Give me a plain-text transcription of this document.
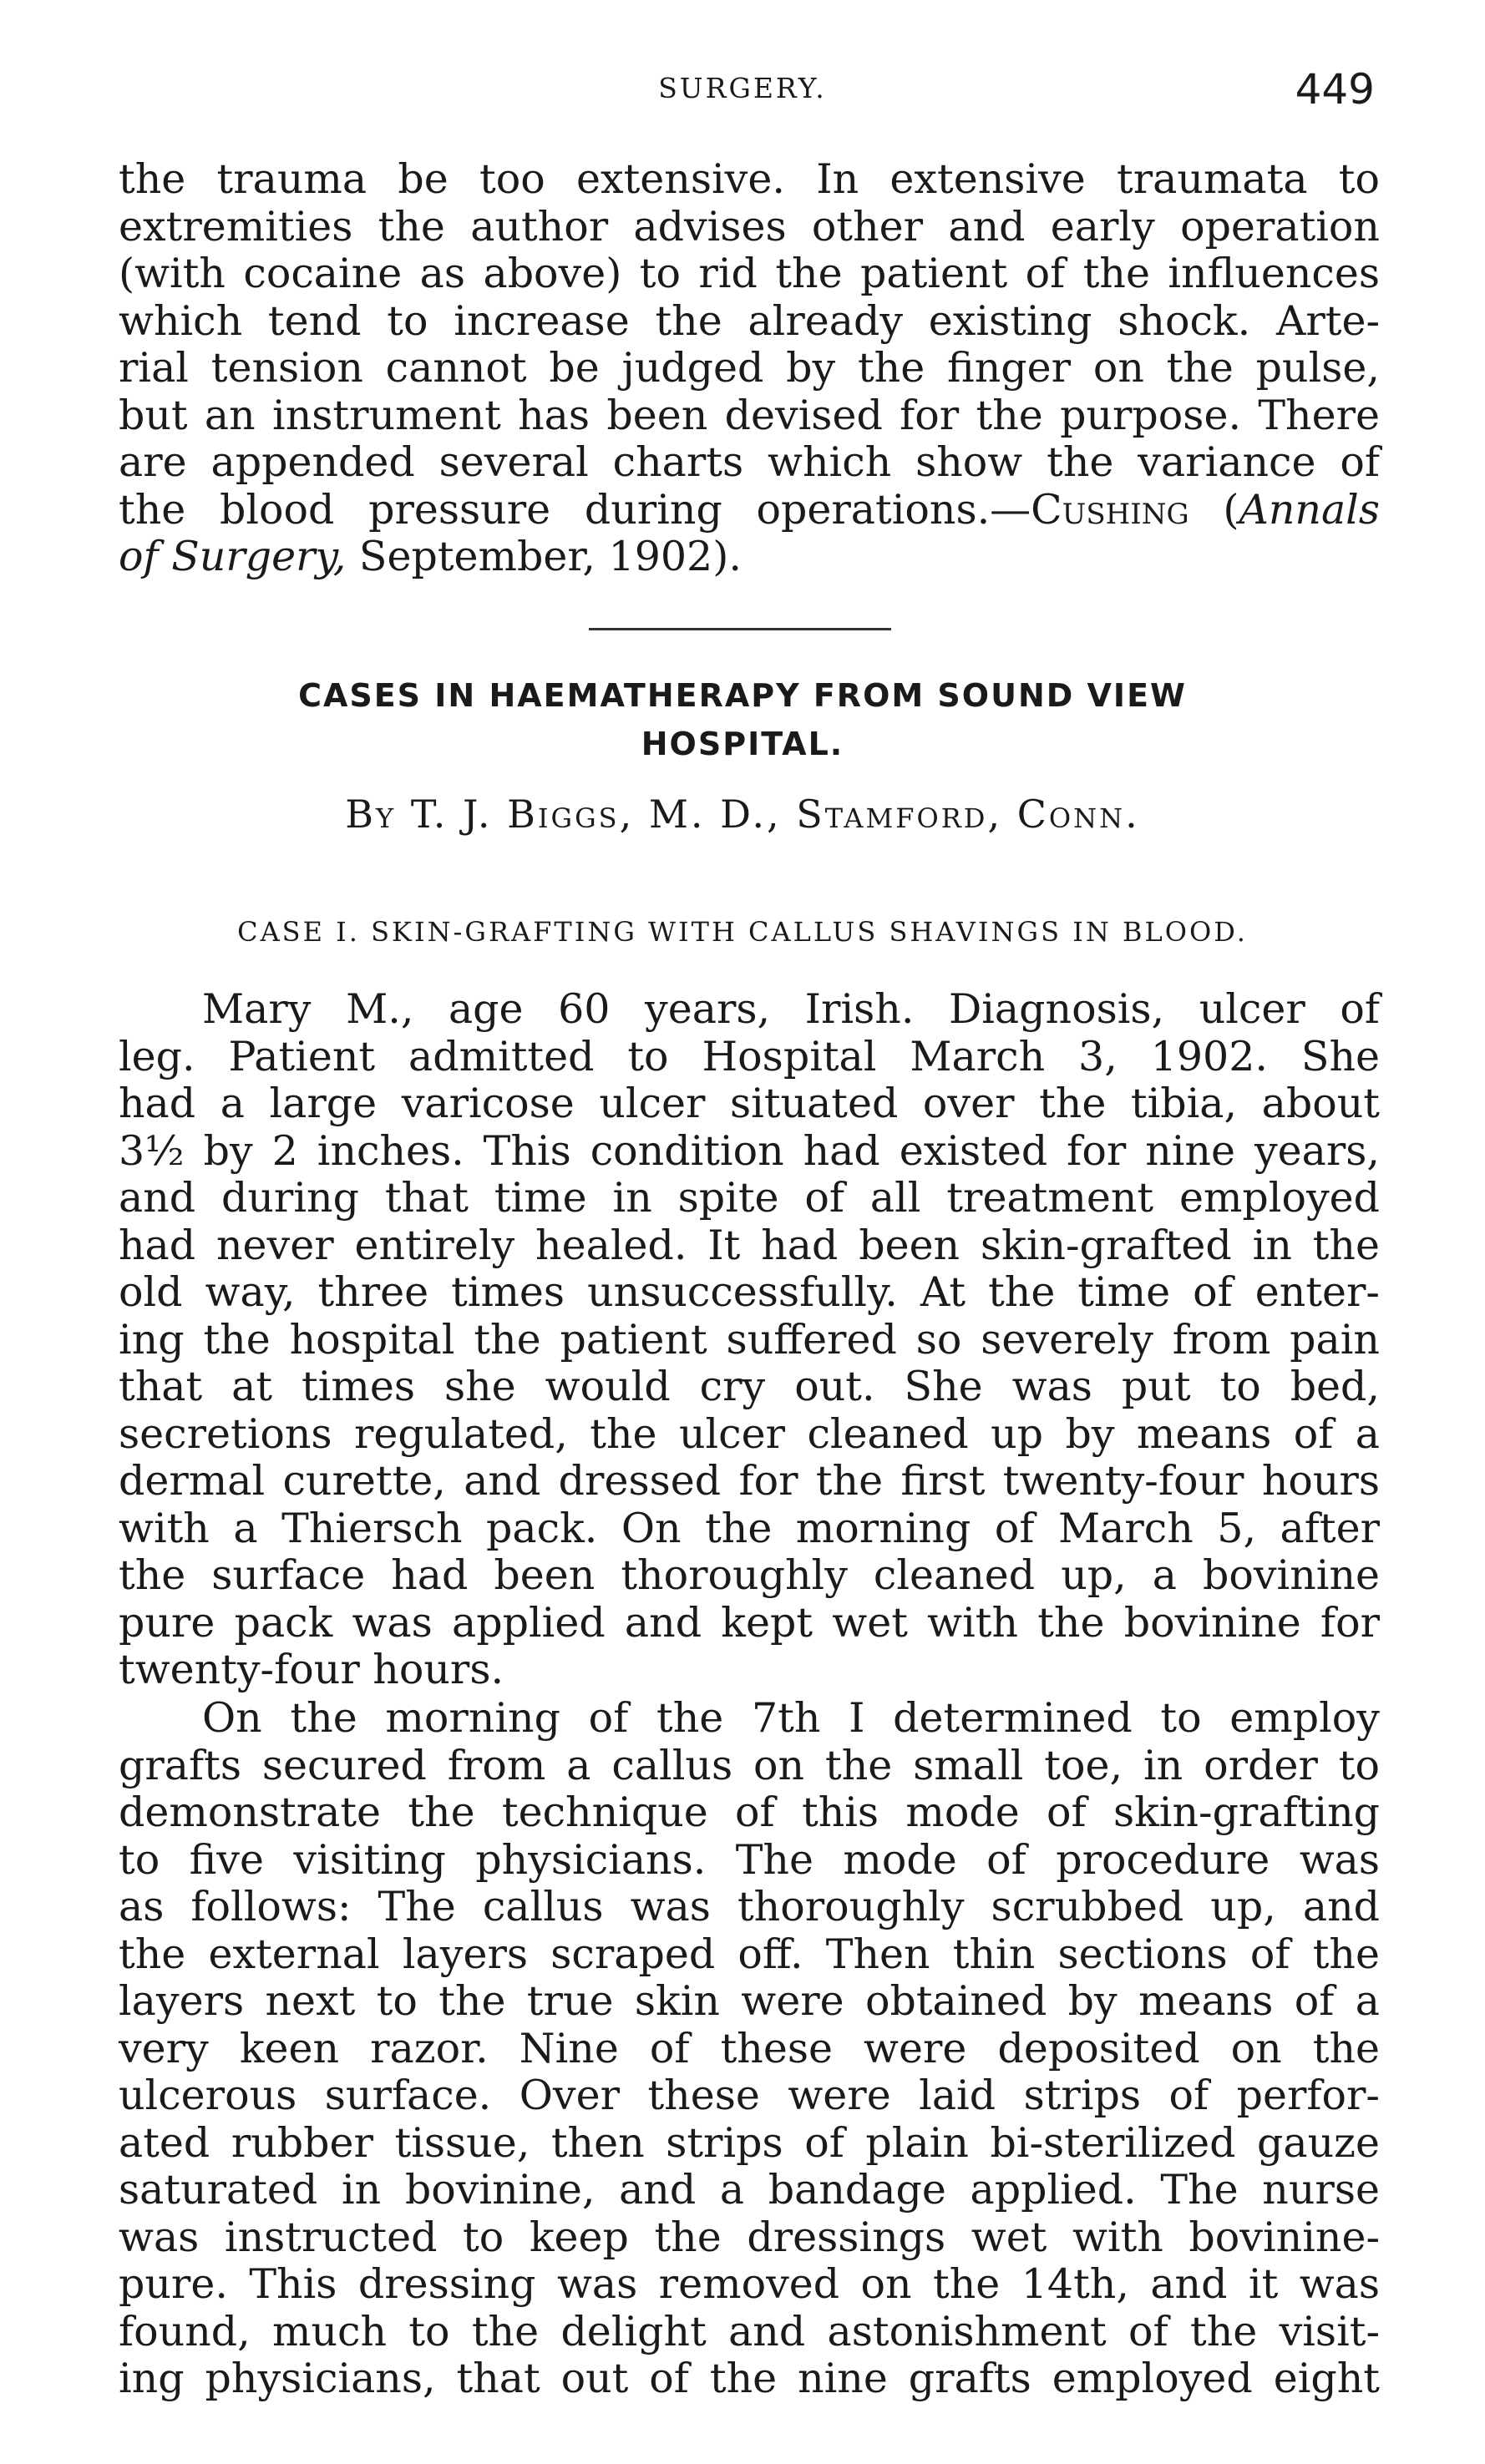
SURGERY.	449
the trauma be too extensive. In extensive traumata to
extremities the author advises other and early operation
(with cocaine as above) to rid the patient of the influences
which tend to increase the already existing shock. Arte-
rial tension cannot be judged by the finger on the pulse,
but an instrument has been devised for the purpose. There
are appended several charts which show the variance of
the blood pressure during operations.—Cushing (Annals
of Surgery, September, 1902).
CASES IN HAEMATHERAPY FROM SOUND VIEW
HOSPITAL.
By T. J. Biggs, M. D., Stamford, Conn.
CASE I. SKIN-GRAFTING WITH CALLUS SHAVINGS IN BLOOD.
Mary M., age 60 years, Irish. Diagnosis, ulcer of
leg. Patient admitted to Hospital March 3, 1902. She
had a large varicose ulcer situated over the tibia, about
3½ by 2 inches. This condition had existed for nine years,
and during that time in spite of all treatment employed
had never entirely healed. It had been skin-grafted in the
old way, three times unsuccessfully. At the time of enter-
ing the hospital the patient suffered so severely from pain
that at times she would cry out. She was put to bed,
secretions regulated, the ulcer cleaned up by means of a
dermal curette, and dressed for the first twenty-four hours
with a Thiersch pack. On the morning of March 5, after
the surface had been thoroughly cleaned up, a bovinine
pure pack was applied and kept wet with the bovinine for
twenty-four hours.
On the morning of the 7th I determined to employ
grafts secured from a callus on the small toe, in order to
demonstrate the technique of this mode of skin-grafting
to five visiting physicians. The mode of procedure was
as follows: The callus was thoroughly scrubbed up, and
the external layers scraped off. Then thin sections of the
layers next to the true skin were obtained by means of a
very keen razor. Nine of these were deposited on the
ulcerous surface. Over these were laid strips of perfor-
ated rubber tissue, then strips of plain bi-sterilized gauze
saturated in bovinine, and a bandage applied. The nurse
was instructed to keep the dressings wet with bovinine-
pure. This dressing was removed on the 14th, and it was
found, much to the delight and astonishment of the visit-
ing physicians, that out of the nine grafts employed eight
